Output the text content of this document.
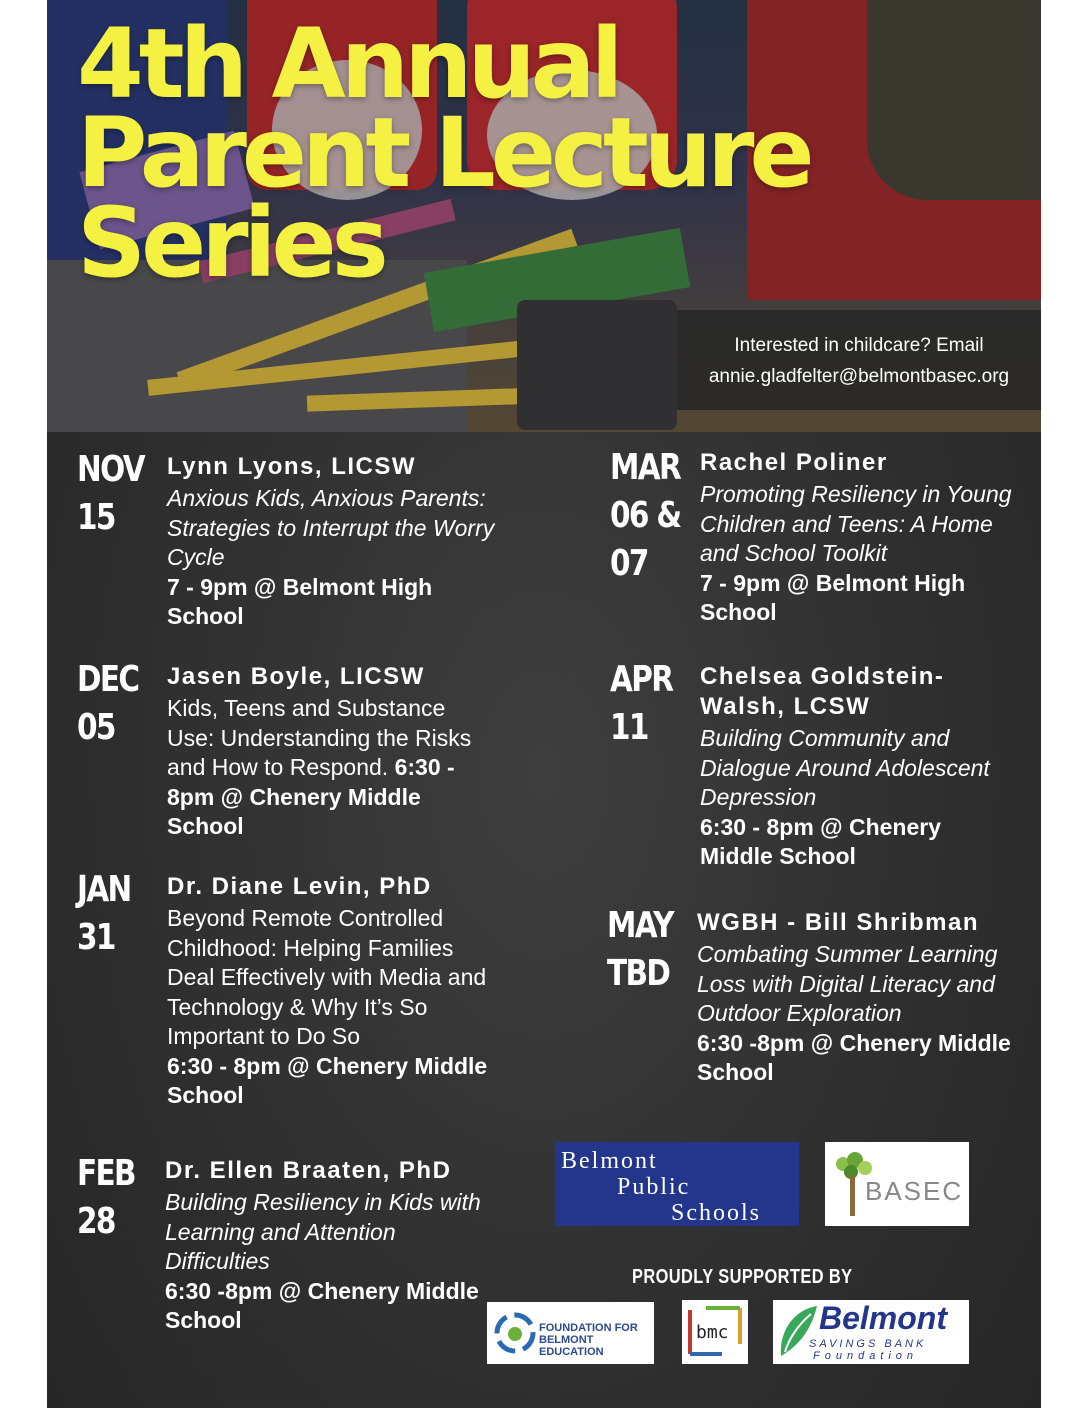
4th Annual
Parent Lecture
Series
Interested in childcare? Email
annie.gladfelter@belmontbasec.org
NOV
15
Lynn Lyons, LICSW
Anxious Kids, Anxious Parents: Strategies to Interrupt the Worry Cycle
7 - 9pm @ Belmont High School
DEC
05
Jasen Boyle, LICSW
Kids, Teens and Substance Use: Understanding the Risks and How to Respond. 6:30 - 8pm @ Chenery Middle School
JAN
31
Dr. Diane Levin, PhD
Beyond Remote Controlled Childhood: Helping Families Deal Effectively with Media and Technology & Why It’s So Important to Do So
6:30 - 8pm @ Chenery Middle School
FEB
28
Dr. Ellen Braaten, PhD
Building Resiliency in Kids with Learning and Attention Difficulties
6:30 -8pm @ Chenery Middle School
MAR
06 &
07
Rachel Poliner
Promoting Resiliency in Young Children and Teens: A Home and School Toolkit
7 - 9pm @ Belmont High School
APR
11
Chelsea Goldstein-Walsh, LCSW
Building Community and Dialogue Around Adolescent Depression
6:30 - 8pm @ Chenery Middle School
MAY
TBD
WGBH - Bill Shribman
Combating Summer Learning Loss with Digital Literacy and Outdoor Exploration
6:30 -8pm @ Chenery Middle School
Belmont
Public
Schools
BASEC
PROUDLY SUPPORTED BY
FOUNDATION FOR
BELMONT EDUCATION
bmc	Belmont
SAVINGS BANK
Foundation
